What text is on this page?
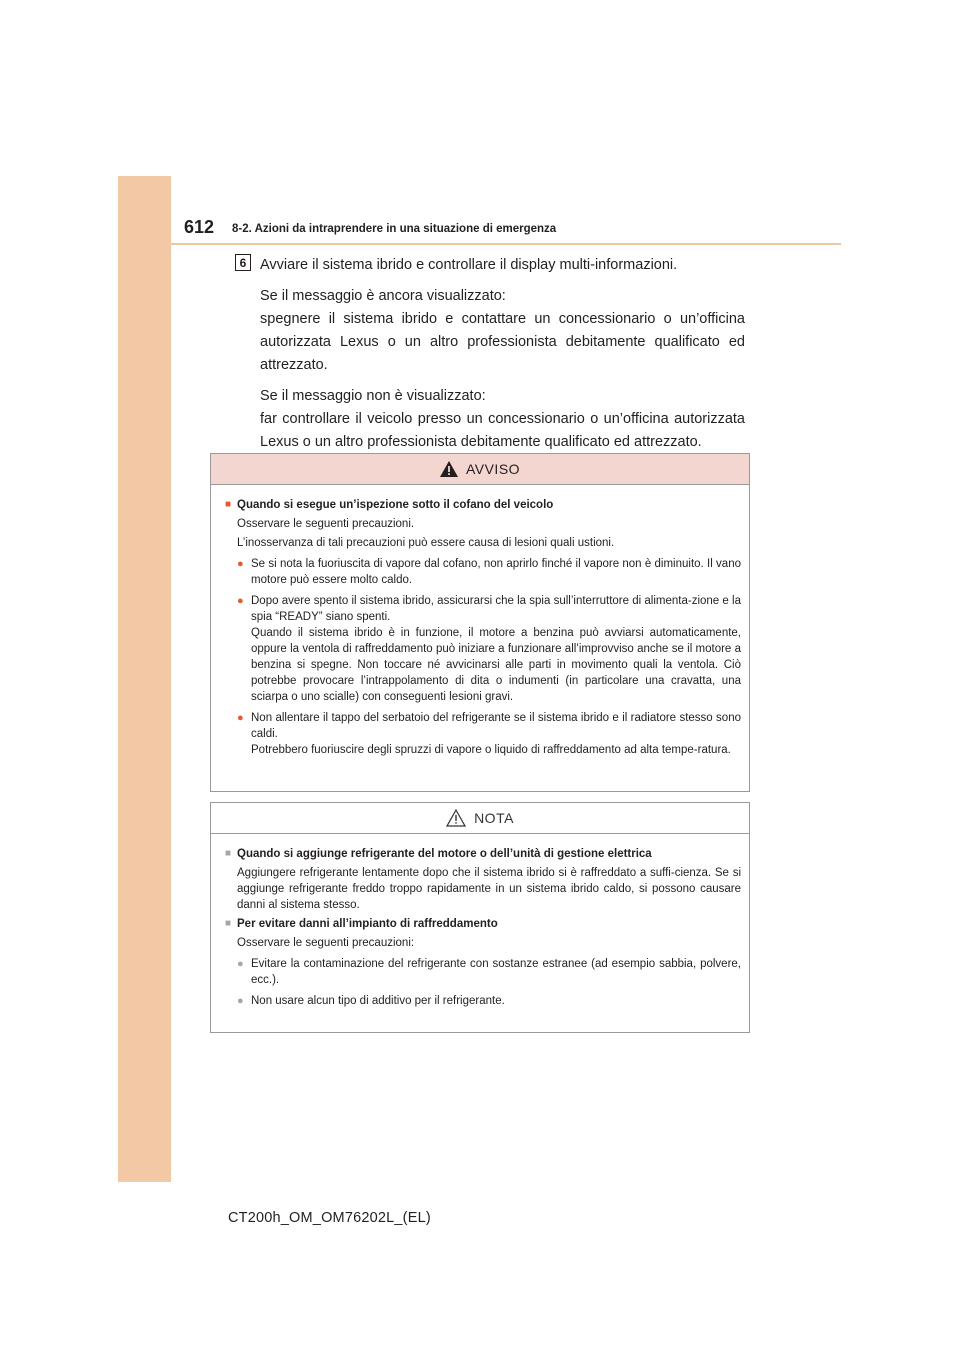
612 8-2. Azioni da intraprendere in una situazione di emergenza
6 Avviare il sistema ibrido e controllare il display multi-informazioni.

Se il messaggio è ancora visualizzato:

spegnere il sistema ibrido e contattare un concessionario o un’officina autorizzata Lexus o un altro professionista debitamente qualificato ed attrezzato.

Se il messaggio non è visualizzato:

far controllare il veicolo presso un concessionario o un’officina autorizzata Lexus o un altro professionista debitamente qualificato ed attrezzato.

AVVISO
■ Quando si esegue un’ispezione sotto il cofano del veicolo
Osservare le seguenti precauzioni.
L’inosservanza di tali precauzioni può essere causa di lesioni quali ustioni.
● Se si nota la fuoriuscita di vapore dal cofano, non aprirlo finché il vapore non è diminuito. Il vano motore può essere molto caldo.
● Dopo avere spento il sistema ibrido, assicurarsi che la spia sull’interruttore di alimenta-zione e la spia “READY” siano spenti.
Quando il sistema ibrido è in funzione, il motore a benzina può avviarsi automaticamente, oppure la ventola di raffreddamento può iniziare a funzionare all’improvviso anche se il motore a benzina si spegne. Non toccare né avvicinarsi alle parti in movimento quali la ventola. Ciò potrebbe provocare l’intrappolamento di dita o indumenti (in particolare una cravatta, una sciarpa o uno scialle) con conseguenti lesioni gravi.
● Non allentare il tappo del serbatoio del refrigerante se il sistema ibrido e il radiatore stesso sono caldi.
Potrebbero fuoriuscire degli spruzzi di vapore o liquido di raffreddamento ad alta tempe-ratura.
NOTA
■ Quando si aggiunge refrigerante del motore o dell’unità di gestione elettrica
Aggiungere refrigerante lentamente dopo che il sistema ibrido si è raffreddato a suffi-cienza. Se si aggiunge refrigerante freddo troppo rapidamente in un sistema ibrido caldo, si possono causare danni al sistema stesso.
■ Per evitare danni all’impianto di raffreddamento
Osservare le seguenti precauzioni:
● Evitare la contaminazione del refrigerante con sostanze estranee (ad esempio sabbia, polvere, ecc.).
● Non usare alcun tipo di additivo per il refrigerante.
CT200h_OM_OM76202L_(EL)
